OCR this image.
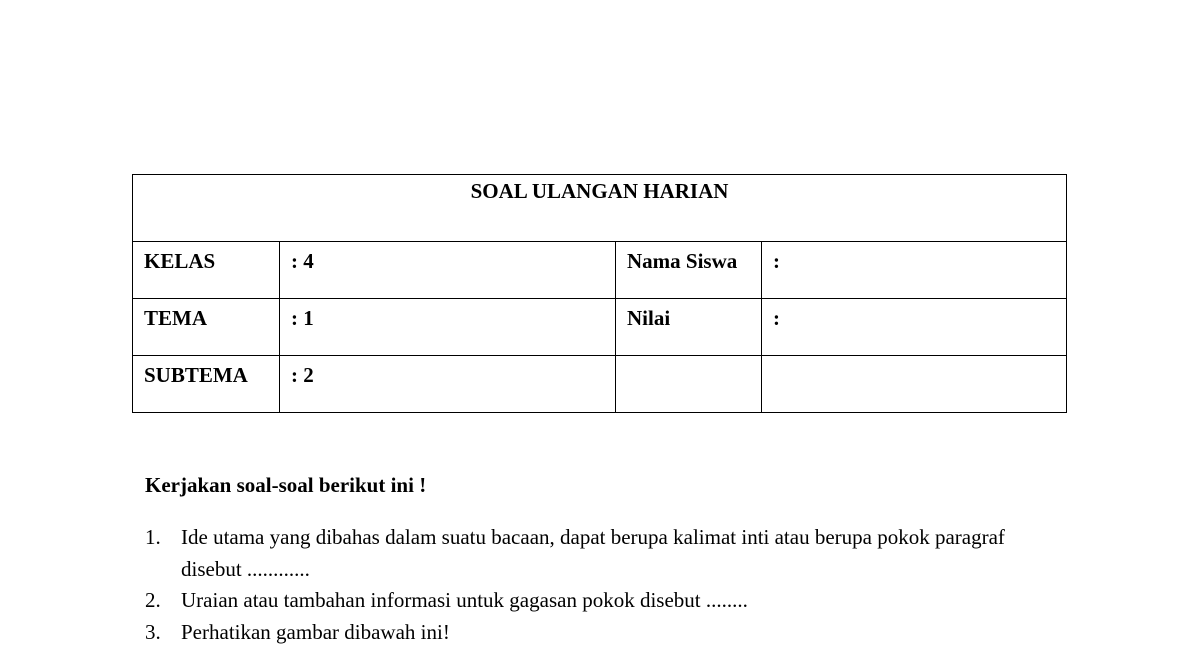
SOAL ULANGAN HARIAN			
KELAS	: 4	Nama Siswa	:
TEMA	: 1	Nilai	:
SUBTEMA	: 2		

Kerjakan soal-soal berikut ini !

1. Ide utama yang dibahas dalam suatu bacaan, dapat berupa kalimat inti atau berupa pokok paragraf disebut ............
2. Uraian atau tambahan informasi untuk gagasan pokok disebut ........
3. Perhatikan gambar dibawah ini!
